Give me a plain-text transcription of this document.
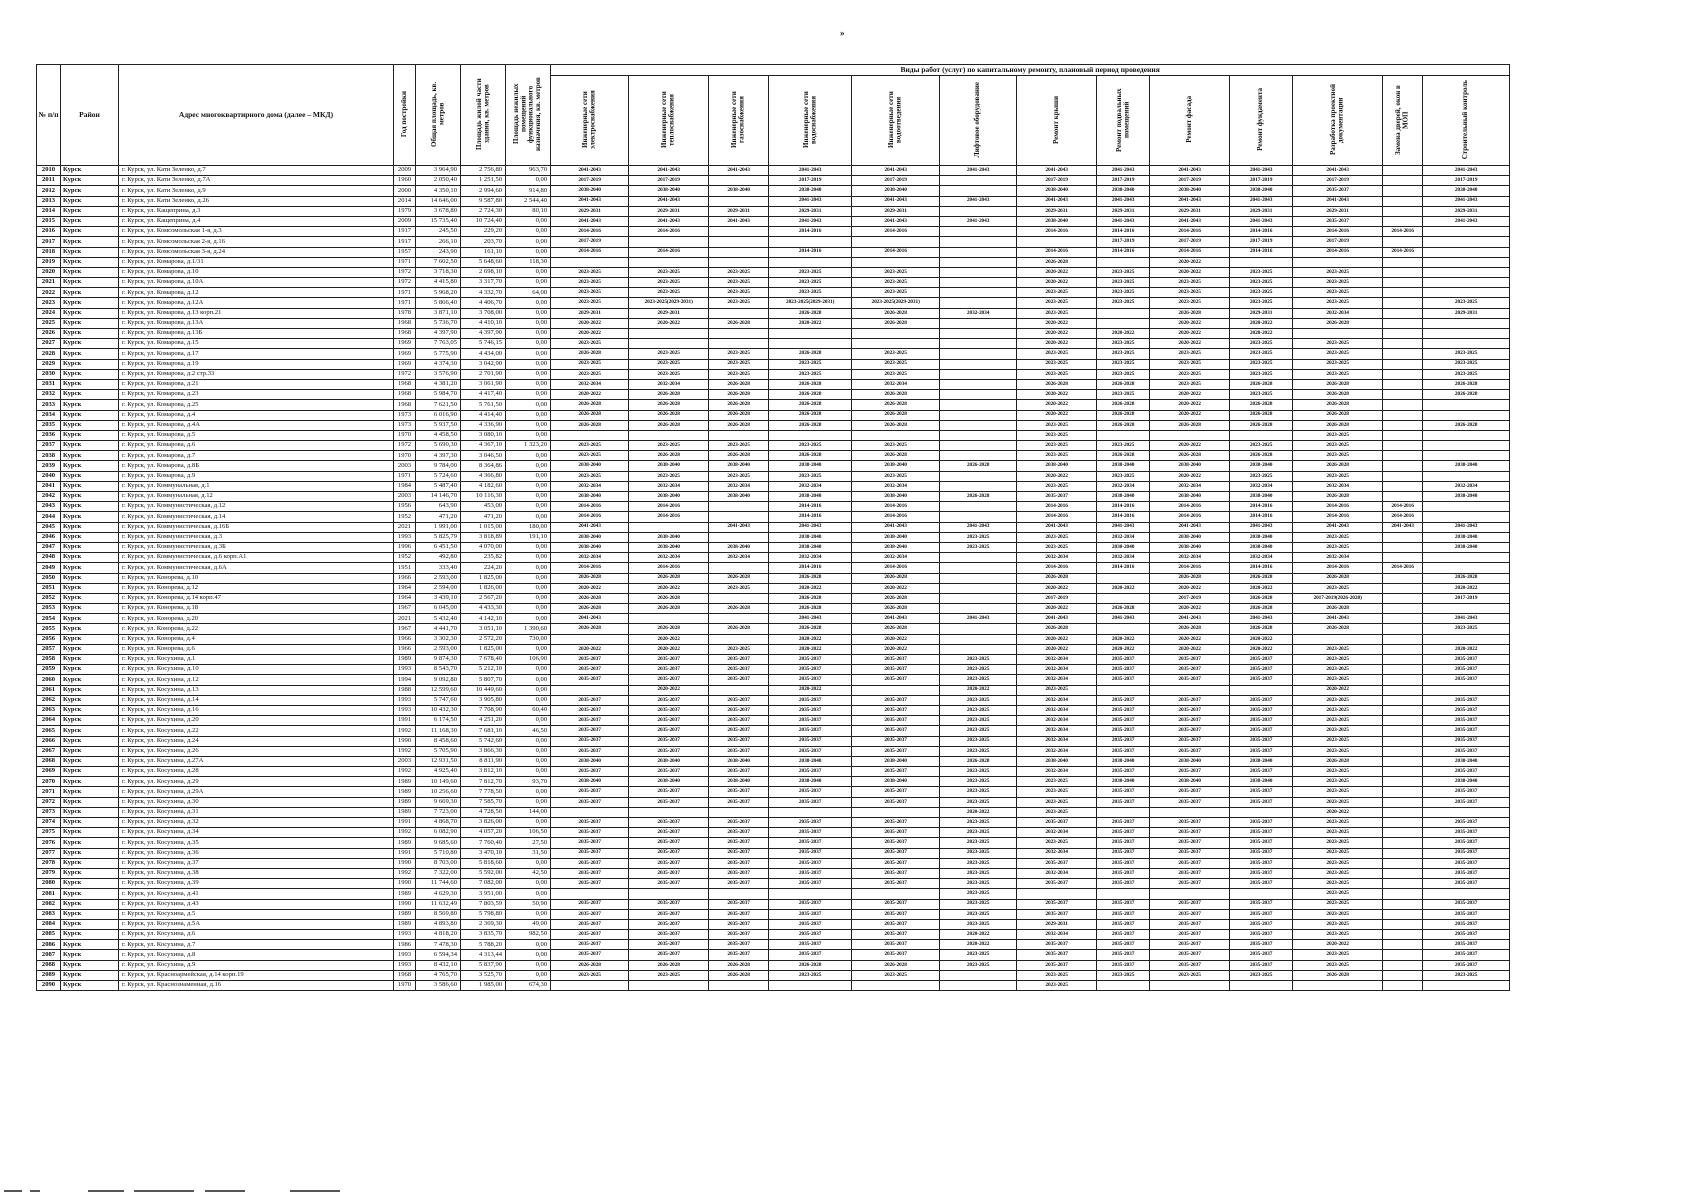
»
№ п/п	Район	Адрес многоквартирного дома (далее – МКД)	Год постройки	Общая площадь, кв. метров	Площадь жилой части здания, кв. метров	Площадь нежилых помещений функционального назначения, кв. метров	Виды работ (услуг) по капитальному ремонту, плановый период проведения												
							Инженерные сети электроснабжения	Инженерные сети теплоснабжения	Инженерные сети газоснабжения	Инженерные сети водоснабжения	Инженерные сети водоотведения	Лифтовое оборудование	Ремонт крыши	Ремонт подвальных помещений	Ремонт фасада	Ремонт фундамента	Разработка проектной документации	Замена дверей, окон в МОП	Строительный контроль
2010	Курск	г. Курск, ул. Кати Зеленко, д.7	2009	3 964,90	2 756,80	963,70	2041-2043	2041-2043	2041-2043	2041-2043	2041-2043	2041-2043	2041-2043	2041-2043	2041-2043	2041-2043	2041-2043		2041-2043
2011	Курск	г. Курск, ул. Кати Зеленко, д.7А	1960	2 050,40	1 251,50	0,00	2017-2019	2017-2019		2017-2019	2017-2019		2017-2019	2017-2019	2017-2019	2017-2019	2017-2019		2017-2019
2012	Курск	г. Курск, ул. Кати Зеленко, д.9	2000	4 350,10	2 994,60	914,80	2038-2040	2038-2040	2038-2040	2038-2040	2038-2040		2038-2040	2038-2040	2038-2040	2038-2040	2035-2037		2038-2040
2013	Курск	г. Курск, ул. Кати Зеленко, д.26	2014	14 646,00	9 587,80	2 544,40	2041-2043	2041-2043		2041-2043	2041-2043	2041-2043	2041-2043	2041-2043	2041-2043	2041-2043	2041-2043		2041-2043
2014	Курск	г. Курск, ул. Кащеприна, д.3	1979	3 678,80	2 724,30	80,10	2029-2031	2029-2031	2029-2031	2029-2031	2029-2031		2029-2031	2029-2031	2029-2031	2029-2031	2029-2031		2029-2031
2015	Курск	г. Курск, ул. Кащеприна, д.4	2009	15 735,40	10 724,40	0,00	2041-2043	2041-2043	2041-2043	2041-2043	2041-2043	2041-2043	2038-2040	2041-2043	2041-2043	2041-2043	2035-2037		2041-2043
2016	Курск	г. Курск, ул. Комсомольская 1-я, д.3	1917	245,50	229,20	0,00	2014-2016	2014-2016		2014-2016	2014-2016		2014-2016	2014-2016	2014-2016	2014-2016	2014-2016	2014-2016	
2017	Курск	г. Курск, ул. Комсомольская 2-я, д.16	1917	266,10	203,70	0,00	2017-2019							2017-2019	2017-2019	2017-2019	2017-2019		
2018	Курск	г. Курск, ул. Комсомольская 3-я, д.24	1957	243,90	161,10	0,00	2014-2016	2014-2016		2014-2016	2014-2016		2014-2016	2014-2016	2014-2016	2014-2016	2014-2016	2014-2016	
2019	Курск	г. Курск, ул. Комарова, д.1/31	1971	7 602,50	5 648,60	118,30							2026-2028		2020-2022				
2020	Курск	г. Курск, ул. Комарова, д.10	1972	3 718,30	2 698,10	0,00	2023-2025	2023-2025	2023-2025	2023-2025	2023-2025		2020-2022	2023-2025	2020-2022	2023-2025	2023-2025		
2021	Курск	г. Курск, ул. Комарова, д.10А	1972	4 415,80	3 317,70	0,00	2023-2025	2023-2025	2023-2025	2023-2025	2023-2025		2020-2022	2023-2025	2023-2025	2023-2025	2023-2025		
2022	Курск	г. Курск, ул. Комарова, д.12	1971	5 968,20	4 332,70	64,00	2023-2025	2023-2025	2023-2025	2023-2025	2023-2025		2023-2025	2023-2025	2023-2025	2023-2025	2023-2025		
2023	Курск	г. Курск, ул. Комарова, д.12А	1971	5 866,40	4 406,70	0,00	2023-2025	2023-2025(2029-2031)	2023-2025	2023-2025(2029-2031)	2023-2025(2029-2031)		2023-2025	2023-2025	2023-2025	2023-2025	2023-2025		2023-2025
2024	Курск	г. Курск, ул. Комарова, д.13 корп.21	1978	3 871,10	3 708,00	0,00	2029-2031	2029-2031		2026-2028	2026-2028	2032-2034	2023-2025		2026-2028	2029-2031	2032-2034		2029-2031
2025	Курск	г. Курск, ул. Комарова, д.13А	1968	5 736,70	4 410,10	0,00	2020-2022	2020-2022	2026-2028	2020-2022	2026-2028		2020-2022		2020-2022	2020-2022	2026-2028		
2026	Курск	г. Курск, ул. Комарова, д.13Б	1968	4 397,90	4 397,90	0,00	2020-2022						2020-2022	2020-2022	2020-2022	2020-2022			
2027	Курск	г. Курск, ул. Комарова, д.15	1969	7 763,05	5 746,15	0,00	2023-2025						2020-2022	2023-2025	2020-2022	2023-2025	2023-2025		
2028	Курск	г. Курск, ул. Комарова, д.17	1969	5 775,90	4 434,00	0,00	2026-2028	2023-2025	2023-2025	2026-2028	2023-2025		2023-2025	2023-2025	2023-2025	2023-2025	2023-2025		2023-2025
2029	Курск	г. Курск, ул. Комарова, д.19	1969	4 374,30	3 042,90	0,00	2023-2025	2023-2025	2023-2025	2023-2025	2023-2025		2023-2025	2023-2025	2023-2025	2023-2025	2023-2025		2023-2025
2030	Курск	г. Курск, ул. Комарова, д.2 стр.33	1972	3 576,90	2 701,90	0,00	2023-2025	2023-2025	2023-2025	2023-2025	2023-2025		2023-2025	2023-2025	2023-2025	2023-2025	2023-2025		2023-2025
2031	Курск	г. Курск, ул. Комарова, д.21	1968	4 381,20	3 061,90	0,00	2032-2034	2032-2034	2026-2028	2026-2028	2032-2034		2026-2028	2026-2028	2023-2025	2026-2028	2026-2028		2026-2028
2032	Курск	г. Курск, ул. Комарова, д.23	1968	5 984,70	4 417,40	0,00	2020-2022	2026-2028	2026-2028	2026-2028	2026-2028		2020-2022	2023-2025	2020-2022	2023-2025	2026-2028		2026-2028
2033	Курск	г. Курск, ул. Комарова, д.25	1968	7 621,50	5 761,50	0,00	2026-2028	2026-2028	2026-2028	2026-2028	2026-2028		2020-2022	2026-2028	2020-2022	2026-2028	2026-2028		
2034	Курск	г. Курск, ул. Комарова, д.4	1973	6 016,90	4 414,40	0,00	2026-2028	2026-2028	2026-2028	2026-2028	2026-2028		2020-2022	2026-2028	2020-2022	2026-2028	2026-2028		
2035	Курск	г. Курск, ул. Комарова, д.4А	1973	5 937,50	4 336,90	0,00	2026-2028	2026-2028	2026-2028	2026-2028	2026-2028		2023-2025	2026-2028	2026-2028	2026-2028	2026-2028		2026-2028
2036	Курск	г. Курск, ул. Комарова, д.5	1970	4 458,50	3 080,10	0,00							2023-2025				2023-2025		
2037	Курск	г. Курск, ул. Комарова, д.6	1972	5 690,30	4 367,10	1 323,20	2023-2025	2023-2025	2023-2025	2023-2025	2023-2025		2023-2025	2023-2025	2020-2022	2023-2025	2023-2025		
2038	Курск	г. Курск, ул. Комарова, д.7	1970	4 397,30	3 046,50	0,00	2023-2025	2026-2028	2026-2028	2026-2028	2026-2028		2023-2025	2026-2028	2026-2028	2026-2028	2023-2025		
2039	Курск	г. Курск, ул. Комарова, д.8Б	2003	9 784,00	8 364,86	0,00	2038-2040	2038-2040	2038-2040	2038-2040	2038-2040	2026-2028	2038-2040	2038-2040	2038-2040	2038-2040	2026-2028		2038-2040
2040	Курск	г. Курск, ул. Комарова, д.9	1971	5 724,60	4 366,80	0,00	2023-2025	2023-2025	2023-2025	2023-2025	2023-2025		2020-2022	2023-2025	2020-2022	2023-2025	2023-2025		
2041	Курск	г. Курск, ул. Коммунальная, д.1	1984	5 487,40	4 182,60	0,00	2032-2034	2032-2034	2032-2034	2032-2034	2032-2034		2023-2025	2032-2034	2032-2034	2032-2034	2032-2034		2032-2034
2042	Курск	г. Курск, ул. Коммунальная, д.12	2003	14 146,70	10 116,30	0,00	2038-2040	2038-2040	2038-2040	2038-2040	2038-2040	2026-2028	2035-2037	2038-2040	2038-2040	2038-2040	2026-2028		2038-2040
2043	Курск	г. Курск, ул. Коммунистическая, д.12	1956	643,90	453,00	0,00	2014-2016	2014-2016		2014-2016	2014-2016		2014-2016	2014-2016	2014-2016	2014-2016	2014-2016	2014-2016	
2044	Курск	г. Курск, ул. Коммунистическая, д.14	1952	471,20	471,20	0,00	2014-2016	2014-2016		2014-2016	2014-2016		2014-2016	2014-2016	2014-2016	2014-2016	2014-2016	2014-2016	
2045	Курск	г. Курск, ул. Коммунистическая, д.16Б	2021	1 991,00	1 015,00	180,00	2041-2043		2041-2043	2041-2043	2041-2043	2041-2043	2041-2043	2041-2043	2041-2043	2041-2043	2041-2043	2041-2043	2041-2043
2046	Курск	г. Курск, ул. Коммунистическая, д.3	1993	5 825,79	3 818,89	191,10	2038-2040	2038-2040		2038-2040	2038-2040	2023-2025	2023-2025	2032-2034	2038-2040	2038-2040	2023-2025		2038-2040
2047	Курск	г. Курск, ул. Коммунистическая, д.3Б	1996	6 451,50	4 070,00	0,00	2038-2040	2038-2040	2038-2040	2038-2040	2038-2040	2023-2025	2023-2025	2038-2040	2038-2040	2038-2040	2023-2025		2038-2040
2048	Курск	г. Курск, ул. Коммунистическая, д.6 корп.А1	1952	492,80	235,82	0,00	2032-2034	2032-2034	2032-2034	2032-2034	2032-2034		2032-2034	2032-2034	2032-2034	2032-2034	2032-2034		
2049	Курск	г. Курск, ул. Коммунистическая, д.6А	1951	333,40	224,20	0,00	2014-2016	2014-2016		2014-2016	2014-2016		2014-2016	2014-2016	2014-2016	2014-2016	2014-2016	2014-2016	
2050	Курск	г. Курск, ул. Конорева, д.10	1966	2 593,00	1 825,00	0,00	2026-2028	2026-2028	2026-2028	2026-2028	2026-2028		2026-2028		2026-2028	2026-2028	2026-2028		2026-2028
2051	Курск	г. Курск, ул. Конорева, д.12	1964	2 594,00	1 826,00	0,00	2020-2022	2020-2022	2023-2025	2020-2022	2020-2022		2020-2022	2020-2022	2020-2022	2020-2022	2023-2025		2020-2022
2052	Курск	г. Курск, ул. Конорева, д.14 корп.47	1964	3 439,10	2 567,20	0,00	2026-2028	2026-2028		2026-2028	2026-2028		2017-2019		2017-2019	2026-2028	2017-2019(2026-2028)		2017-2019
2053	Курск	г. Курск, ул. Конорева, д.18	1967	6 045,00	4 433,30	0,00	2026-2028	2026-2028	2026-2028	2026-2028	2026-2028		2020-2022	2026-2028	2020-2022	2026-2028	2026-2028		
2054	Курск	г. Курск, ул. Конорева, д.20	2021	5 432,40	4 142,10	0,00	2041-2043			2041-2043	2041-2043	2041-2043	2041-2043	2041-2043	2041-2043	2041-2043	2041-2043		2041-2043
2055	Курск	г. Курск, ул. Конорева, д.22	1967	4 441,70	3 051,10	1 390,60	2026-2028	2026-2028	2026-2028	2026-2028	2026-2028		2026-2028		2026-2028	2026-2028	2026-2028		2023-2025
2056	Курск	г. Курск, ул. Конорева, д.4	1966	3 302,30	2 572,20	730,00		2020-2022		2020-2022	2020-2022		2020-2022	2020-2022	2020-2022	2020-2022			
2057	Курск	г. Курск, ул. Конорева, д.6	1966	2 593,00	1 825,00	0,00	2020-2022	2020-2022	2023-2025	2020-2022	2020-2022		2020-2022	2020-2022	2020-2022	2020-2022	2023-2025		2020-2022
2058	Курск	г. Курск, ул. Косухина, д.1	1989	9 874,30	7 678,40	106,90	2035-2037	2035-2037	2035-2037	2035-2037	2035-2037	2023-2025	2032-2034	2035-2037	2035-2037	2035-2037	2023-2025		2035-2037
2059	Курск	г. Курск, ул. Косухина, д.10	1993	8 543,70	5 212,10	0,00	2035-2037	2035-2037	2035-2037	2035-2037	2035-2037	2023-2025	2032-2034	2035-2037	2035-2037	2035-2037	2023-2025		2035-2037
2060	Курск	г. Курск, ул. Косухина, д.12	1994	9 092,80	5 807,70	0,00	2035-2037	2035-2037	2035-2037	2035-2037	2035-2037	2023-2025	2032-2034	2035-2037	2035-2037	2035-2037	2023-2025		2035-2037
2061	Курск	г. Курск, ул. Косухина, д.13	1988	12 599,60	10 449,60	0,00		2020-2022		2020-2022		2020-2022	2023-2025				2020-2022		
2062	Курск	г. Курск, ул. Косухина, д.14	1993	5 747,60	3 905,80	0,00	2035-2037	2035-2037	2035-2037	2035-2037	2035-2037	2023-2025	2032-2034	2035-2037	2035-2037	2035-2037	2023-2025		2035-2037
2063	Курск	г. Курск, ул. Косухина, д.16	1993	10 432,30	7 708,90	60,40	2035-2037	2035-2037	2035-2037	2035-2037	2035-2037	2023-2025	2032-2034	2035-2037	2035-2037	2035-2037	2023-2025		2035-2037
2064	Курск	г. Курск, ул. Косухина, д.20	1991	6 174,50	4 251,20	0,00	2035-2037	2035-2037	2035-2037	2035-2037	2035-2037	2023-2025	2032-2034	2035-2037	2035-2037	2035-2037	2023-2025		2035-2037
2065	Курск	г. Курск, ул. Косухина, д.22	1992	11 168,30	7 681,10	46,50	2035-2037	2035-2037	2035-2037	2035-2037	2035-2037	2023-2025	2032-2034	2035-2037	2035-2037	2035-2037	2023-2025		2035-2037
2066	Курск	г. Курск, ул. Косухина, д.24	1990	8 458,60	5 742,60	0,00	2035-2037	2035-2037	2035-2037	2035-2037	2035-2037	2023-2025	2032-2034	2035-2037	2035-2037	2035-2037	2023-2025		2035-2037
2067	Курск	г. Курск, ул. Косухина, д.26	1992	5 705,90	3 866,30	0,00	2035-2037	2035-2037	2035-2037	2035-2037	2035-2037	2023-2025	2032-2034	2035-2037	2035-2037	2035-2037	2023-2025		2035-2037
2068	Курск	г. Курск, ул. Косухина, д.27А	2003	12 931,50	8 811,90	0,00	2038-2040	2038-2040	2038-2040	2038-2040	2038-2040	2026-2028	2038-2040	2038-2040	2038-2040	2038-2040	2026-2028		2038-2040
2069	Курск	г. Курск, ул. Косухина, д.28	1992	4 925,40	3 812,10	0,00	2035-2037	2035-2037	2035-2037	2035-2037	2035-2037	2023-2025	2032-2034	2035-2037	2035-2037	2035-2037	2023-2025		2035-2037
2070	Курск	г. Курск, ул. Косухина, д.29	1989	10 149,60	7 812,70	93,70	2038-2040	2038-2040	2038-2040	2038-2040	2038-2040	2023-2025	2023-2025	2038-2040	2038-2040	2038-2040	2023-2025		2038-2040
2071	Курск	г. Курск, ул. Косухина, д.29А	1989	10 256,60	7 778,50	0,00	2035-2037	2035-2037	2035-2037	2035-2037	2035-2037	2023-2025	2023-2025	2035-2037	2035-2037	2035-2037	2023-2025		2035-2037
2072	Курск	г. Курск, ул. Косухина, д.30	1989	9 669,30	7 585,70	0,00	2035-2037	2035-2037	2035-2037	2035-2037	2035-2037	2023-2025	2023-2025	2035-2037	2035-2037	2035-2037	2023-2025		2035-2037
2073	Курск	г. Курск, ул. Косухина, д.31	1989	7 723,00	4 728,50	144,00						2020-2022	2023-2025				2020-2022		
2074	Курск	г. Курск, ул. Косухина, д.32	1991	4 868,70	3 826,00	0,00	2035-2037	2035-2037	2035-2037	2035-2037	2035-2037	2023-2025	2035-2037	2035-2037	2035-2037	2035-2037	2023-2025		2035-2037
2075	Курск	г. Курск, ул. Косухина, д.34	1992	6 082,90	4 057,20	106,50	2035-2037	2035-2037	2035-2037	2035-2037	2035-2037	2023-2025	2032-2034	2035-2037	2035-2037	2035-2037	2023-2025		2035-2037
2076	Курск	г. Курск, ул. Косухина, д.35	1989	9 685,60	7 760,40	27,50	2035-2037	2035-2037	2035-2037	2035-2037	2035-2037	2023-2025	2023-2025	2035-2037	2035-2037	2035-2037	2023-2025		2035-2037
2077	Курск	г. Курск, ул. Косухина, д.36	1991	5 710,80	3 470,10	31,50	2035-2037	2035-2037	2035-2037	2035-2037	2035-2037	2023-2025	2032-2034	2035-2037	2035-2037	2035-2037	2023-2025		2035-2037
2078	Курск	г. Курск, ул. Косухина, д.37	1990	8 703,00	5 818,60	0,00	2035-2037	2035-2037	2035-2037	2035-2037	2035-2037	2023-2025	2035-2037	2035-2037	2035-2037	2035-2037	2023-2025		2035-2037
2079	Курск	г. Курск, ул. Косухина, д.38	1992	7 322,00	5 592,00	42,50	2035-2037	2035-2037	2035-2037	2035-2037	2035-2037	2023-2025	2032-2034	2035-2037	2035-2037	2035-2037	2023-2025		2035-2037
2080	Курск	г. Курск, ул. Косухина, д.39	1990	11 744,60	7 082,00	0,00	2035-2037	2035-2037	2035-2037	2035-2037	2035-2037	2023-2025	2035-2037	2035-2037	2035-2037	2035-2037	2023-2025		2035-2037
2081	Курск	г. Курск, ул. Косухина, д.41	1989	4 629,30	3 951,00	0,00						2023-2025					2023-2025		
2082	Курск	г. Курск, ул. Косухина, д.43	1990	11 632,49	7 803,59	50,90	2035-2037	2035-2037	2035-2037	2035-2037	2035-2037	2023-2025	2035-2037	2035-2037	2035-2037	2035-2037	2023-2025		2035-2037
2083	Курск	г. Курск, ул. Косухина, д.5	1989	8 569,80	5 798,80	0,00	2035-2037	2035-2037	2035-2037	2035-2037	2035-2037	2023-2025	2035-2037	2035-2037	2035-2037	2035-2037	2023-2025		2035-2037
2084	Курск	г. Курск, ул. Косухина, д.5А	1989	4 893,80	2 369,30	49,00	2035-2037	2035-2037	2035-2037	2035-2037	2035-2037	2023-2025	2029-2031	2035-2037	2035-2037	2035-2037	2023-2025		2035-2037
2085	Курск	г. Курск, ул. Косухина, д.6	1993	4 818,20	3 835,70	982,50	2035-2037	2035-2037	2035-2037	2035-2037	2035-2037	2020-2022	2032-2034	2035-2037	2035-2037	2035-2037	2023-2025		2035-2037
2086	Курск	г. Курск, ул. Косухина, д.7	1986	7 478,30	5 788,20	0,00	2035-2037	2035-2037	2035-2037	2035-2037	2035-2037	2020-2022	2035-2037	2035-2037	2035-2037	2035-2037	2020-2022		2035-2037
2087	Курск	г. Курск, ул. Косухина, д.8	1993	6 594,34	4 313,44	0,00	2035-2037	2035-2037	2035-2037	2035-2037	2035-2037	2023-2025	2035-2037	2035-2037	2035-2037	2035-2037	2023-2025		2035-2037
2088	Курск	г. Курск, ул. Косухина, д.9	1993	8 432,10	5 837,90	0,00	2026-2028	2026-2028	2026-2028	2026-2028	2026-2028	2023-2025	2035-2037	2035-2037	2035-2037	2035-2037	2023-2025		2035-2037
2089	Курск	г. Курск, ул. Красноармейская, д.14 корп.19	1968	4 765,70	3 525,70	0,00	2023-2025	2023-2025	2026-2028	2023-2025	2023-2025		2023-2025	2023-2025	2023-2025	2023-2025	2026-2028		2023-2025
2090	Курск	г. Курск, ул. Краснознаменная, д.16	1970	3 586,60	1 985,00	674,30							2023-2025						
